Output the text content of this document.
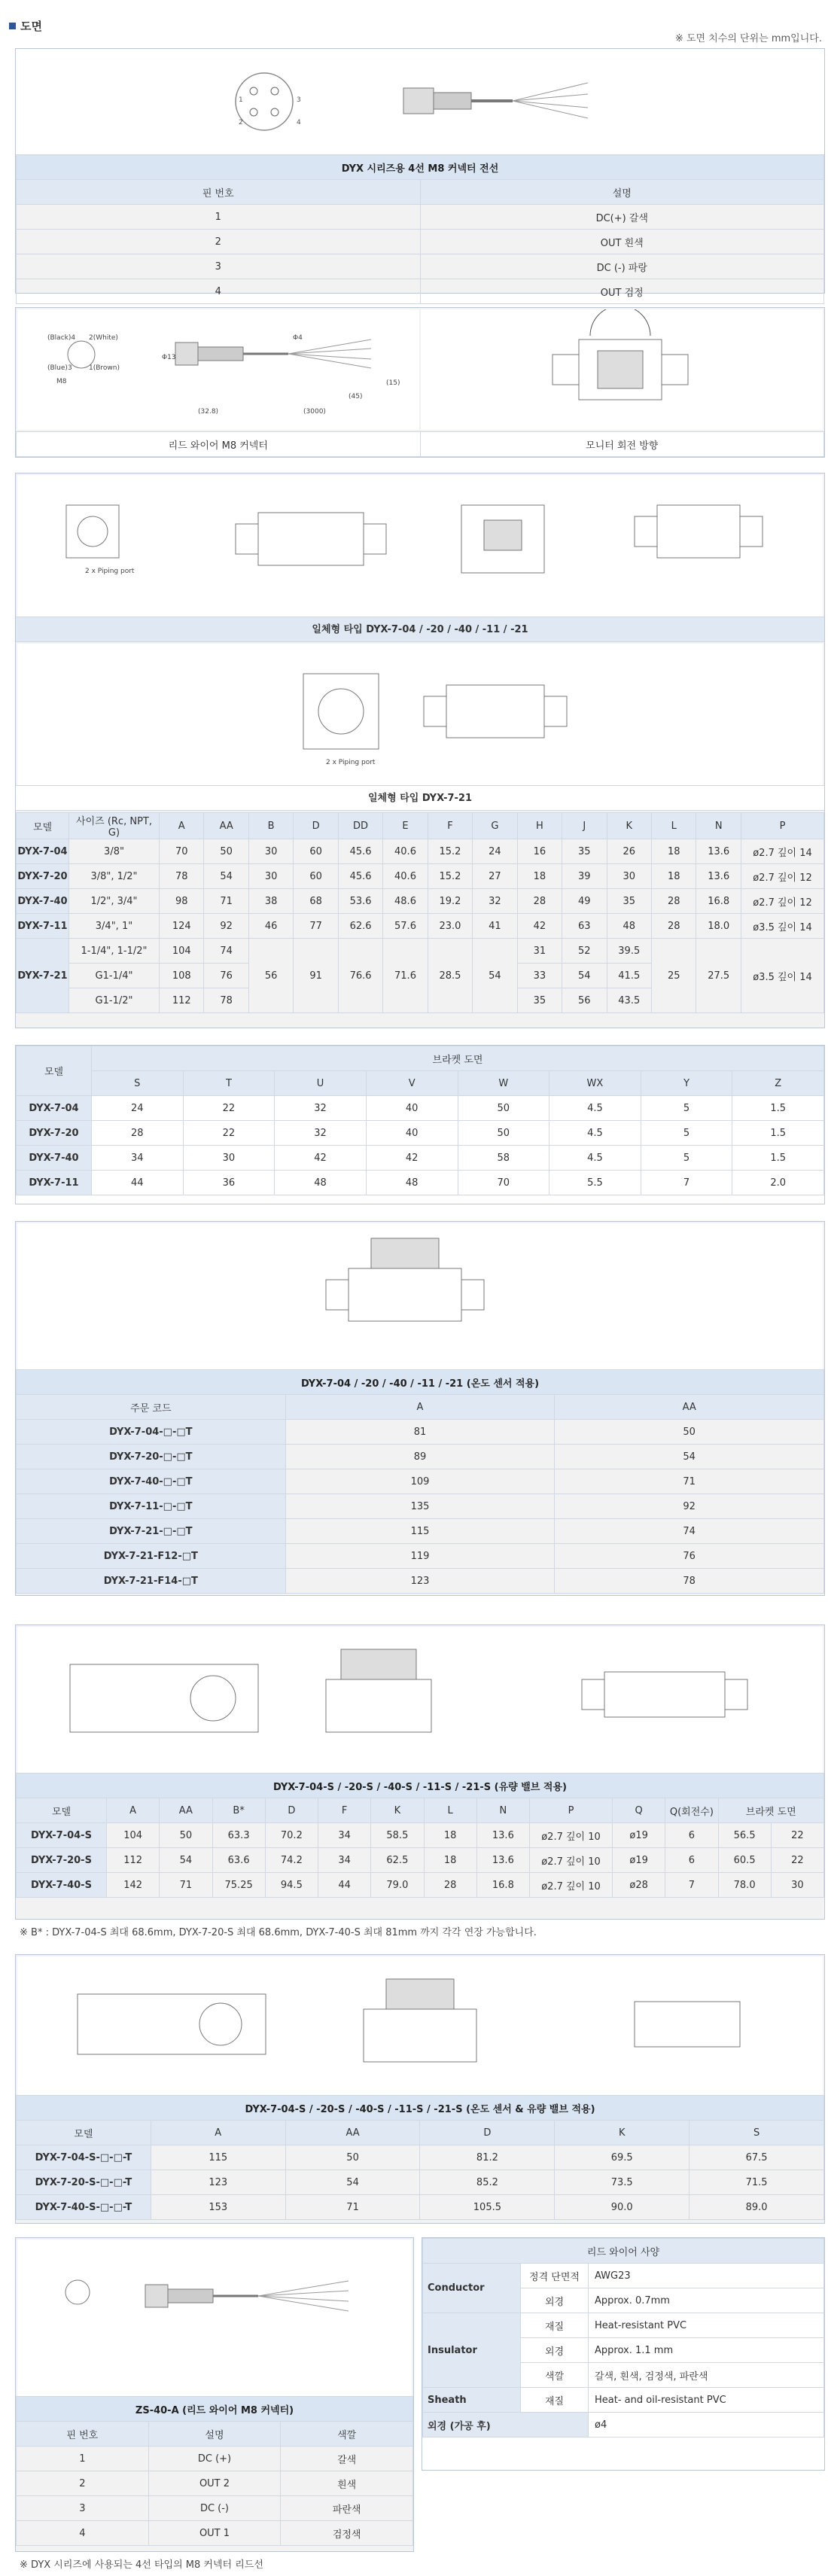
도면
※ 도면 치수의 단위는 mm입니다.
1	3
2	4
DYX 시리즈용 4선 M8 커넥터 전선	
핀 번호	설명
1	DC(+) 갈색
2	OUT 흰색
3	DC (-) 파랑
4	OUT 검정
(Black)4 2(White)
(Blue)3 1(Brown)
M8
Φ13
Φ4
(15)
(45)
(32.8)	(3000)
리드 와이어 M8 커넥터	모니터 회전 방향
2 x Piping port
일체형 타입 DYX-7-04 / -20 / -40 / -11 / -21
2 x Piping port
일체형 타입 DYX-7-21
모델	사이즈 (Rc, NPT, G)	A	AA	B	D	DD	E	F	G	H	J	K	L	N	P
DYX-7-04	3/8"	70	50	30	60	45.6	40.6	15.2	24	16	35	26	18	13.6	ø2.7 깊이 14
DYX-7-20	3/8", 1/2"	78	54	30	60	45.6	40.6	15.2	27	18	39	30	18	13.6	ø2.7 깊이 12
DYX-7-40	1/2", 3/4"	98	71	38	68	53.6	48.6	19.2	32	28	49	35	28	16.8	ø2.7 깊이 12
DYX-7-11	3/4", 1"	124	92	46	77	62.6	57.6	23.0	41	42	63	48	28	18.0	ø3.5 깊이 14
DYX-7-21	1-1/4", 1-1/2"	104	74	56	91	76.6	71.6	28.5	54	31	52	39.5	25	27.5	ø3.5 깊이 14
	G1-1/4"	108	76							33	54	41.5			
	G1-1/2"	112	78							35	56	43.5			
모델	브라켓 도면							
	S	T	U	V	W	WX	Y	Z
DYX-7-04	24	22	32	40	50	4.5	5	1.5
DYX-7-20	28	22	32	40	50	4.5	5	1.5
DYX-7-40	34	30	42	42	58	4.5	5	1.5
DYX-7-11	44	36	48	48	70	5.5	7	2.0
DYX-7-04 / -20 / -40 / -11 / -21 (온도 센서 적용)		
주문 코드	A	AA
DYX-7-04-□-□T	81	50
DYX-7-20-□-□T	89	54
DYX-7-40-□-□T	109	71
DYX-7-11-□-□T	135	92
DYX-7-21-□-□T	115	74
DYX-7-21-F12-□T	119	76
DYX-7-21-F14-□T	123	78
DYX-7-04-S / -20-S / -40-S / -11-S / -21-S (유량 밸브 적용)													
모델	A	AA	B*	D	F	K	L	N	P	Q	Q(회전수)	브라켓 도면	
DYX-7-04-S	104	50	63.3	70.2	34	58.5	18	13.6	ø2.7 깊이 10	ø19	6	56.5	22
DYX-7-20-S	112	54	63.6	74.2	34	62.5	18	13.6	ø2.7 깊이 10	ø19	6	60.5	22
DYX-7-40-S	142	71	75.25	94.5	44	79.0	28	16.8	ø2.7 깊이 10	ø28	7	78.0	30
※ B* : DYX-7-04-S 최대 68.6mm, DYX-7-20-S 최대 68.6mm, DYX-7-40-S 최대 81mm 까지 각각 연장 가능합니다.
DYX-7-04-S / -20-S / -40-S / -11-S / -21-S (온도 센서 & 유량 밸브 적용)					
모델	A	AA	D	K	S
DYX-7-04-S-□-□-T	115	50	81.2	69.5	67.5
DYX-7-20-S-□-□-T	123	54	85.2	73.5	71.5
DYX-7-40-S-□-□-T	153	71	105.5	90.0	89.0
ZS-40-A (리드 와이어 M8 커넥터)		
핀 번호	설명	색깔
1	DC (+)	갈색
2	OUT 2	흰색
3	DC (-)	파란색
4	OUT 1	검정색
리드 와이어 사양		
Conductor	정격 단면적	AWG23
	외경	Approx. 0.7mm
Insulator	재질	Heat-resistant PVC
	외경	Approx. 1.1 mm
	색깔	갈색, 흰색, 검정색, 파란색
Sheath	재질	Heat- and oil-resistant PVC
외경 (가공 후)		ø4
※ DYX 시리즈에 사용되는 4선 타입의 M8 커넥터 리드선
